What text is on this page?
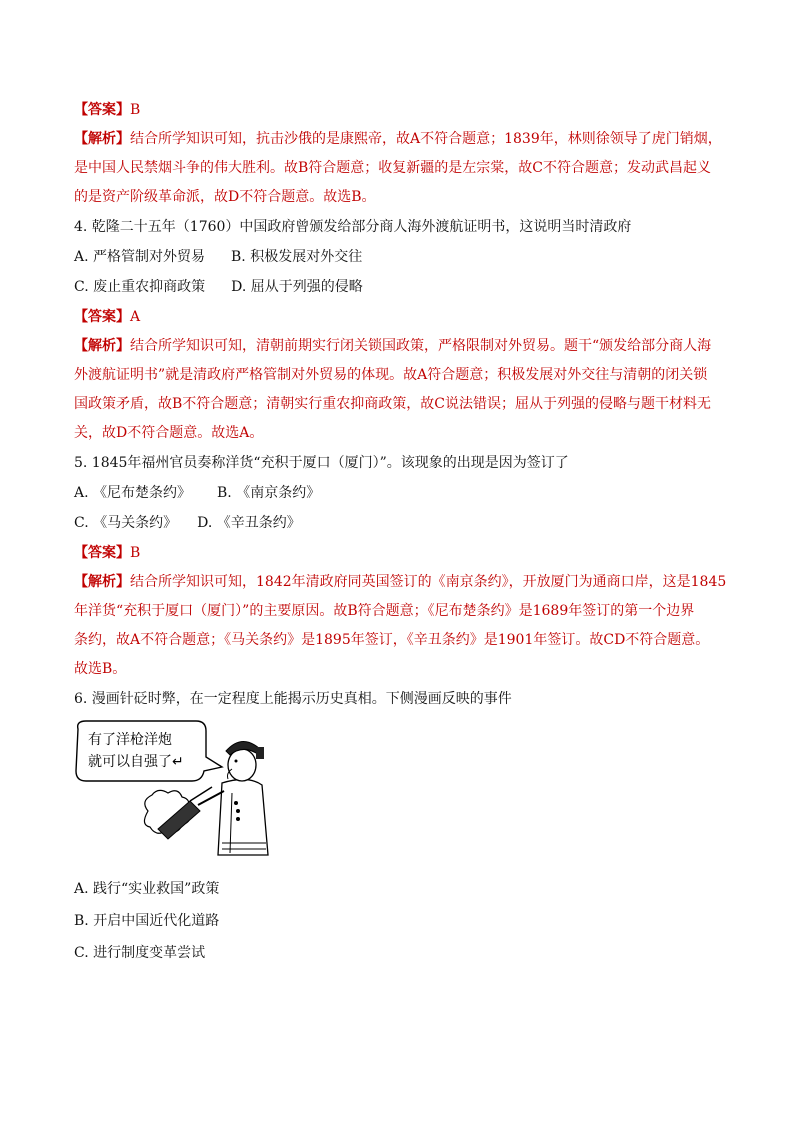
【答案】B

【解析】结合所学知识可知，抗击沙俄的是康熙帝，故A不符合题意；1839年，林则徐领导了虎门销烟，

是中国人民禁烟斗争的伟大胜利。故B符合题意；收复新疆的是左宗棠，故C不符合题意；发动武昌起义

的是资产阶级革命派，故D不符合题意。故选B。

4. 乾隆二十五年（1760）中国政府曾颁发给部分商人海外渡航证明书，这说明当时清政府

A. 严格管制对外贸易 B. 积极发展对外交往

C. 废止重农抑商政策 D. 屈从于列强的侵略

【答案】A

【解析】结合所学知识可知，清朝前期实行闭关锁国政策，严格限制对外贸易。题干“颁发给部分商人海

外渡航证明书”就是清政府严格管制对外贸易的体现。故A符合题意；积极发展对外交往与清朝的闭关锁

国政策矛盾，故B不符合题意；清朝实行重农抑商政策，故C说法错误；屈从于列强的侵略与题干材料无

关，故D不符合题意。故选A。

5. 1845年福州官员奏称洋货“充积于厦口（厦门）”。该现象的出现是因为签订了

A. 《尼布楚条约》 B. 《南京条约》

C. 《马关条约》 D. 《辛丑条约》

【答案】B

【解析】结合所学知识可知，1842年清政府同英国签订的《南京条约》，开放厦门为通商口岸，这是1845

年洋货“充积于厦口（厦门）”的主要原因。故B符合题意；《尼布楚条约》是1689年签订的第一个边界

条约，故A不符合题意；《马关条约》是1895年签订，《辛丑条约》是1901年签订。故CD不符合题意。

故选B。

6. 漫画针砭时弊，在一定程度上能揭示历史真相。下侧漫画反映的事件

有了洋枪洋炮
就可以自强了↵

A. 践行“实业救国”政策

B. 开启中国近代化道路

C. 进行制度变革尝试
